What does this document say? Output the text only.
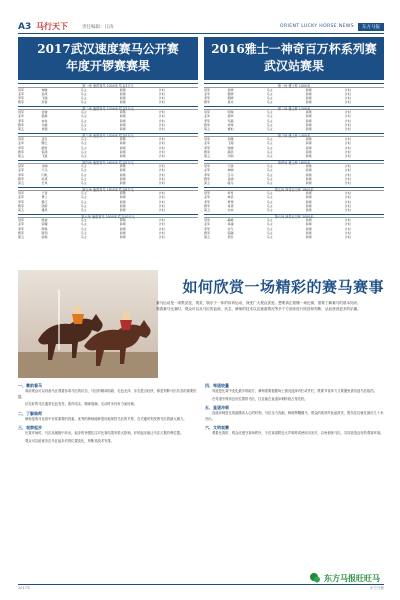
A3 马行天下	责任编辑：汪涛	ORIENT LUCKY HORSE NEWS	东方马报
2017武汉速度赛马公开赛
年度开锣赛赛果
2016雅士一神奇百万杯系列赛
武汉站赛果
第一场 速度赛马 1000米 奖金3万元
冠军	神骏	马主	骑师	计时
亚军	追风	马主	骑师	计时
季军	飞驰	马主	骑师	计时
殿军	奔雷	马主	骑师	计时
第二场 速度赛马 1200米 奖金3万元
冠军	金骏	马主	骑师	计时
亚军	银鬃	马主	骑师	计时
季军	赤兔	马主	骑师	计时
殿军	乌骓	马主	骑师	计时
第五	青骢	马主	骑师	计时
第三场 速度赛马 1400米 奖金5万元
冠军	逐日	马主	骑师	计时
亚军	腾云	马主	骑师	计时
季军	踏雪	马主	骑师	计时
殿军	惊鸿	马主	骑师	计时
第五	飞燕	马主	骑师	计时
第四场 速度赛马 1600米 奖金5万元
冠军	龙驹	马主	骑师	计时
亚军	天马	马主	骑师	计时
季军	闪电	马主	骑师	计时
殿军	疾风	马主	骑师	计时
第五	长风	马主	骑师	计时
第五场 速度赛马 1800米 奖金8万元
冠军	王者	马主	骑师	计时
亚军	勇士	马主	骑师	计时
季军	霸王	马主	骑师	计时
殿军	骁骑	马主	骑师	计时
第五	雄风	马主	骑师	计时
第六场 速度赛马 2000米 奖金10万元
冠军	凯旋	马主	骑师	计时
亚军	荣耀	马主	骑师	计时
季军	辉煌	马主	骑师	计时
殿军	胜利	马主	骑师	计时
第五	前程	马主	骑师	计时
第一场 雅士杯 1000米
冠军	金牌	马主	骑师	计时
亚军	银牌	马主	骑师	计时
季军	铜牌	马主	骑师	计时
殿军	星光	马主	骑师	计时
第二场 雅士杯 1200米
冠军	明珠	马主	骑师	计时
亚军	翡翠	马主	骑师	计时
季军	玛瑙	马主	骑师	计时
殿军	珍珠	马主	骑师	计时
第五	琥珀	马主	骑师	计时
第三场 雅士杯 1400米
冠军	奔腾	马主	骑师	计时
亚军	飞翔	马主	骑师	计时
季军	驰骋	马主	骑师	计时
殿军	跳跃	马主	骑师	计时
第五	冲刺	马主	骑师	计时
第四场 雅士杯 1600米
冠军	天骄	马主	骑师	计时
亚军	神驹	马主	骑师	计时
季军	宝马	马主	骑师	计时
殿军	良驹	马主	骑师	计时
第五	骏马	马主	骑师	计时
第五场 神奇百万杯 1800米
冠军	传奇	马主	骑师	计时
亚军	神话	马主	骑师	计时
季军	梦想	马主	骑师	计时
殿军	希望	马主	骑师	计时
第五	未来	马主	骑师	计时
第六场 神奇百万杯 2000米
冠军	巅峰	马主	骑师	计时
亚军	卓越	马主	骑师	计时
季军	非凡	马主	骑师	计时
殿军	超越	马主	骑师	计时
第五	领先	马主	骑师	计时
如何欣赏一场精彩的赛马赛事

赛马运动是一项集竞技、观赏、娱乐于一体的体育运动，深受广大观众喜爱。想要真正看懂一场比赛，需要了解赛马的基本知识。

观看赛马比赛时，观众可以从马匹的血统、状态、骑师的技术以及赛道情况等多个方面来进行欣赏和判断，从而获得更多的乐趣。

一、赛前看马

赛前观众可以到备马区观看参赛马匹的状态，马匹的精神面貌、毛色光泽、步态是否轻快，都是判断马匹状态的重要依据。

状态好的马匹通常毛色发亮、肌肉结实、精神饱满，走动时步伐有力而协调。

二、了解骑师

骑师是赛马比赛中非常重要的因素，优秀的骑师能够很好地掌控马匹的节奏，在关键时刻发挥马匹的最大潜力。

三、观察起步

比赛开始时，马匹从闸箱中冲出，起步的快慢往往对比赛结果有很大影响，好的起步能让马匹占据有利位置。

观众可以留意各匹马在起步后的位置变化，判断其战术安排。

四、弯道较量

弯道是比赛中变化最多的地方，骑师需要根据场上情况选择内栏或外栏，既要节省体力又要避免被其他马匹阻挡。

在弯道中保持良好位置的马匹，往往能在直道冲刺阶段占得先机。

五、直道冲刺

直道冲刺是比赛最激动人心的时刻，马匹全力奔跑，骑师挥鞭催马，观众的欢呼声此起彼伏，胜负往往就在最后几十米决出。

六、文明观赛

观看比赛时，观众应遵守赛场秩序，不在赛道附近大声喧哗或使用闪光灯，以免惊扰马匹，共同营造良好的观赛环境。

2017年	东方马报
东方马报旺旺马
